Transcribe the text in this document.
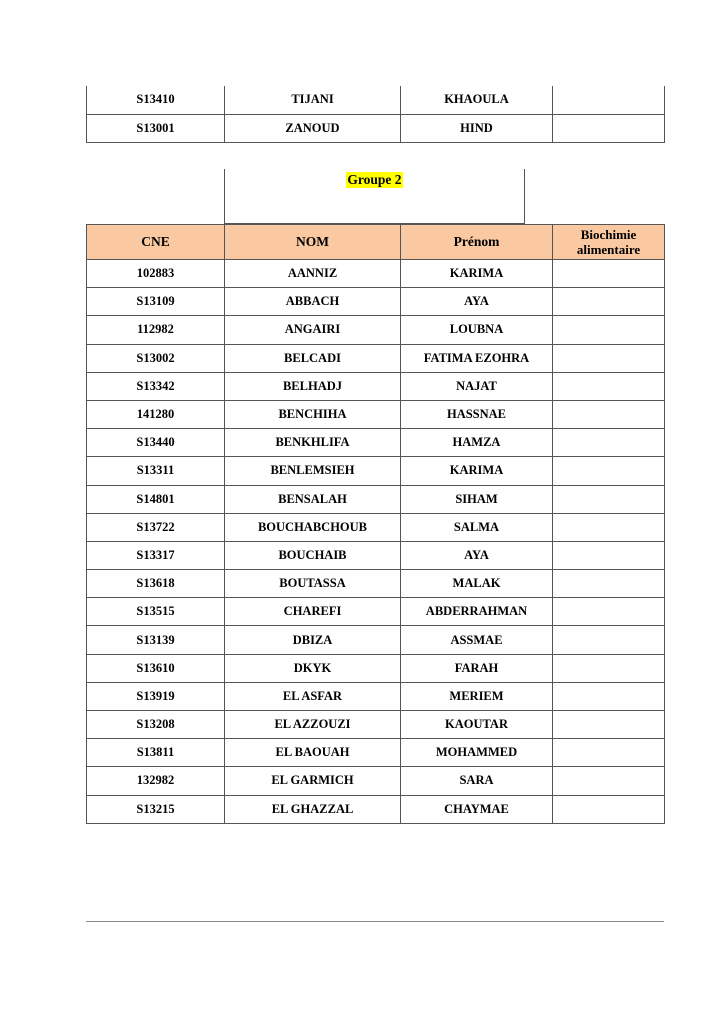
S13410	TIJANI	KHAOULA	
S13001	ZANOUD	HIND	
Groupe 2
CNE	NOM	Prénom	Biochimie alimentaire
102883	AANNIZ	KARIMA	
S13109	ABBACH	AYA	
112982	ANGAIRI	LOUBNA	
S13002	BELCADI	FATIMA EZOHRA	
S13342	BELHADJ	NAJAT	
141280	BENCHIHA	HASSNAE	
S13440	BENKHLIFA	HAMZA	
S13311	BENLEMSIEH	KARIMA	
S14801	BENSALAH	SIHAM	
S13722	BOUCHABCHOUB	SALMA	
S13317	BOUCHAIB	AYA	
S13618	BOUTASSA	MALAK	
S13515	CHAREFI	ABDERRAHMAN	
S13139	DBIZA	ASSMAE	
S13610	DKYK	FARAH	
S13919	EL ASFAR	MERIEM	
S13208	EL AZZOUZI	KAOUTAR	
S13811	EL BAOUAH	MOHAMMED	
132982	EL GARMICH	SARA	
S13215	EL GHAZZAL	CHAYMAE	
